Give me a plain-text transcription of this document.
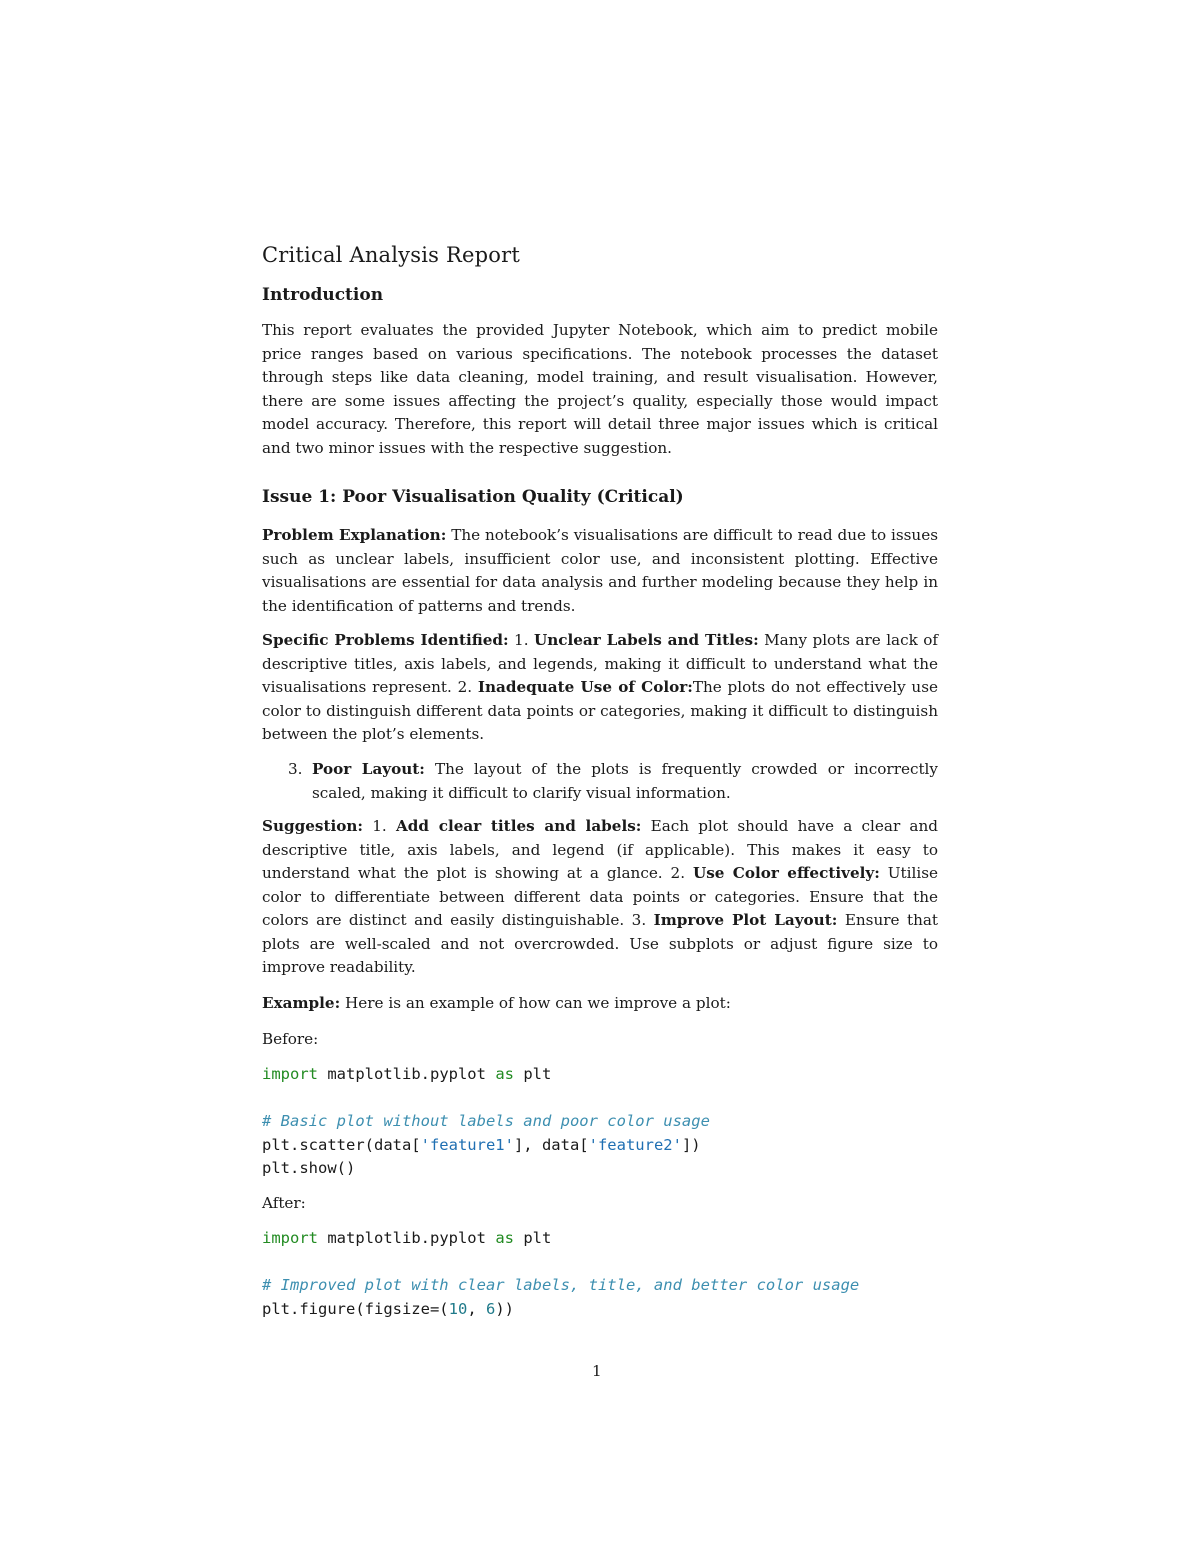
Critical Analysis Report
Introduction
This report evaluates the provided Jupyter Notebook, which aim to predict mobile price ranges based on various specifications. The notebook processes the dataset through steps like data cleaning, model training, and result visualisation. However, there are some issues affecting the project’s quality, especially those would impact model accuracy. Therefore, this report will detail three major issues which is critical and two minor issues with the respective suggestion.
Issue 1: Poor Visualisation Quality (Critical)
Problem Explanation: The notebook’s visualisations are difficult to read due to issues such as unclear labels, insufficient color use, and inconsistent plotting. Effective visualisations are essential for data analysis and further modeling because they help in the identification of patterns and trends.
Specific Problems Identified: 1. Unclear Labels and Titles: Many plots are lack of descriptive titles, axis labels, and legends, making it difficult to understand what the visualisations represent. 2. Inadequate Use of Color:The plots do not effectively use color to distinguish different data points or categories, making it difficult to distinguish between the plot’s elements.
3. Poor Layout: The layout of the plots is frequently crowded or incorrectly scaled, making it difficult to clarify visual information.
Suggestion: 1. Add clear titles and labels: Each plot should have a clear and descriptive title, axis labels, and legend (if applicable). This makes it easy to understand what the plot is showing at a glance. 2. Use Color effectively: Utilise color to differentiate between different data points or categories. Ensure that the colors are distinct and easily distinguishable. 3. Improve Plot Layout: Ensure that plots are well-scaled and not overcrowded. Use subplots or adjust figure size to improve readability.
Example: Here is an example of how can we improve a plot:
Before:
import matplotlib.pyplot as plt

# Basic plot without labels and poor color usage
plt.scatter(data['feature1'], data['feature2'])
plt.show()
After:
import matplotlib.pyplot as plt

# Improved plot with clear labels, title, and better color usage
plt.figure(figsize=(10, 6))
1
